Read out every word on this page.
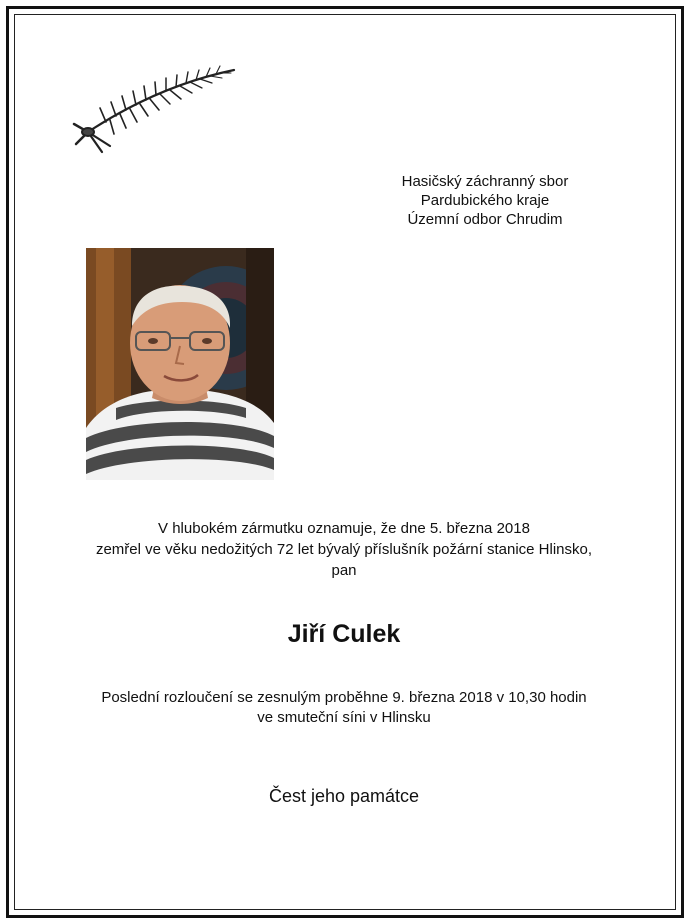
Hasičský záchranný sbor
Pardubického kraje
Územní odbor Chrudim
V hlubokém zármutku oznamuje, že dne 5. března 2018
zemřel ve věku nedožitých 72 let bývalý příslušník požární stanice Hlinsko,
pan
Jiří Culek
Poslední rozloučení se zesnulým proběhne 9. března 2018 v 10,30 hodin
ve smuteční síni v Hlinsku
Čest jeho památce
